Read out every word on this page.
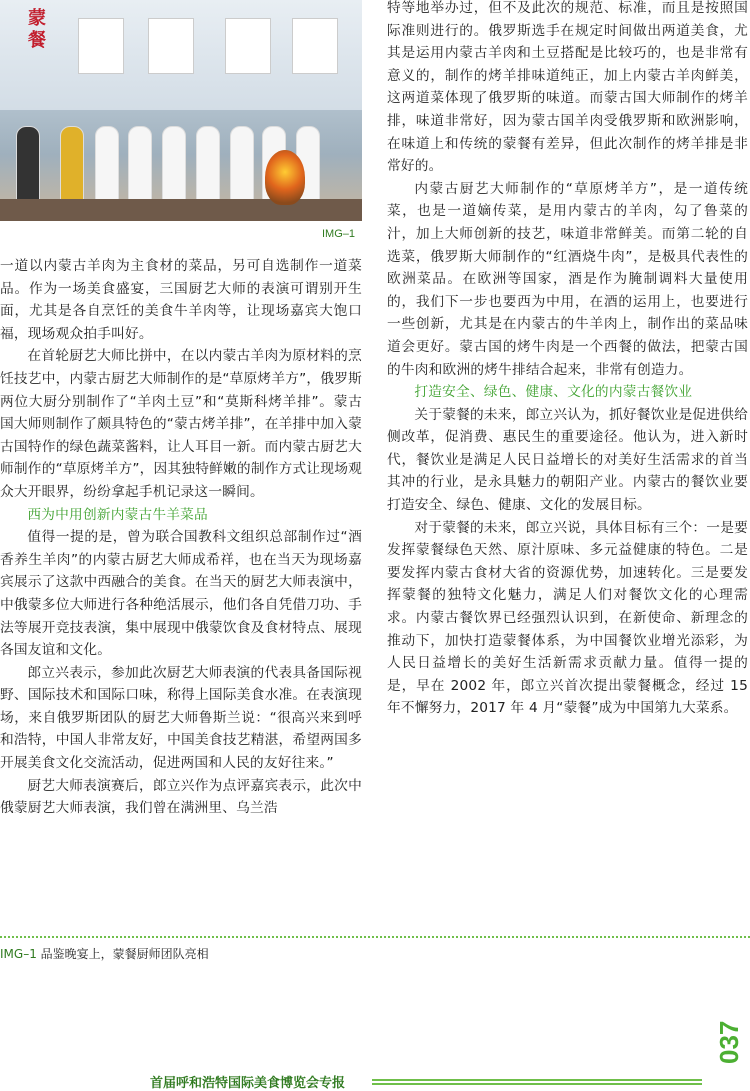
蒙
餐
IMG–1

一道以内蒙古羊肉为主食材的菜品，另可自选制作一道菜品。作为一场美食盛宴，三国厨艺大师的表演可谓别开生面，尤其是各自烹饪的美食牛羊肉等，让现场嘉宾大饱口福，现场观众拍手叫好。

在首轮厨艺大师比拼中，在以内蒙古羊肉为原材料的烹饪技艺中，内蒙古厨艺大师制作的是“草原烤羊方”，俄罗斯两位大厨分别制作了“羊肉土豆”和“莫斯科烤羊排”。蒙古国大师则制作了颇具特色的“蒙古烤羊排”，在羊排中加入蒙古国特作的绿色蔬菜酱料，让人耳目一新。而内蒙古厨艺大师制作的“草原烤羊方”，因其独特鲜嫩的制作方式让现场观众大开眼界，纷纷拿起手机记录这一瞬间。

西为中用创新内蒙古牛羊菜品

值得一提的是，曾为联合国教科文组织总部制作过“酒香养生羊肉”的内蒙古厨艺大师成希祥，也在当天为现场嘉宾展示了这款中西融合的美食。在当天的厨艺大师表演中，中俄蒙多位大师进行各种绝活展示，他们各自凭借刀功、手法等展开竞技表演，集中展现中俄蒙饮食及食材特点、展现各国友谊和文化。

郎立兴表示，参加此次厨艺大师表演的代表具备国际视野、国际技术和国际口味，称得上国际美食水准。在表演现场，来自俄罗斯团队的厨艺大师鲁斯兰说：“很高兴来到呼和浩特，中国人非常友好，中国美食技艺精湛，希望两国多开展美食文化交流活动，促进两国和人民的友好往来。”

厨艺大师表演赛后，郎立兴作为点评嘉宾表示，此次中俄蒙厨艺大师表演，我们曾在满洲里、乌兰浩

特等地举办过，但不及此次的规范、标准，而且是按照国际准则进行的。俄罗斯选手在规定时间做出两道美食，尤其是运用内蒙古羊肉和土豆搭配是比较巧的，也是非常有意义的，制作的烤羊排味道纯正，加上内蒙古羊肉鲜美，这两道菜体现了俄罗斯的味道。而蒙古国大师制作的烤羊排，味道非常好，因为蒙古国羊肉受俄罗斯和欧洲影响，在味道上和传统的蒙餐有差异，但此次制作的烤羊排是非常好的。

内蒙古厨艺大师制作的“草原烤羊方”，是一道传统菜，也是一道嫡传菜，是用内蒙古的羊肉，勾了鲁菜的汁，加上大师创新的技艺，味道非常鲜美。而第二轮的自选菜，俄罗斯大师制作的“红酒烧牛肉”，是极具代表性的欧洲菜品。在欧洲等国家，酒是作为腌制调料大量使用的，我们下一步也要西为中用，在酒的运用上，也要进行一些创新，尤其是在内蒙古的牛羊肉上，制作出的菜品味道会更好。蒙古国的烤牛肉是一个西餐的做法，把蒙古国的牛肉和欧洲的烤牛排结合起来，非常有创造力。

打造安全、绿色、健康、文化的内蒙古餐饮业

关于蒙餐的未来，郎立兴认为，抓好餐饮业是促进供给侧改革，促消费、惠民生的重要途径。他认为，进入新时代，餐饮业是满足人民日益增长的对美好生活需求的首当其冲的行业，是永具魅力的朝阳产业。内蒙古的餐饮业要打造安全、绿色、健康、文化的发展目标。

对于蒙餐的未来，郎立兴说，具体目标有三个：一是要发挥蒙餐绿色天然、原汁原味、多元益健康的特色。二是要发挥内蒙古食材大省的资源优势，加速转化。三是要发挥蒙餐的独特文化魅力，满足人们对餐饮文化的心理需求。内蒙古餐饮界已经强烈认识到，在新使命、新理念的推动下，加快打造蒙餐体系，为中国餐饮业增光添彩，为人民日益增长的美好生活新需求贡献力量。值得一提的是，早在 2002 年，郎立兴首次提出蒙餐概念，经过 15 年不懈努力，2017 年 4 月“蒙餐”成为中国第九大菜系。

IMG–1 品鉴晚宴上，蒙餐厨师团队亮相
037
首届呼和浩特国际美食博览会专报
